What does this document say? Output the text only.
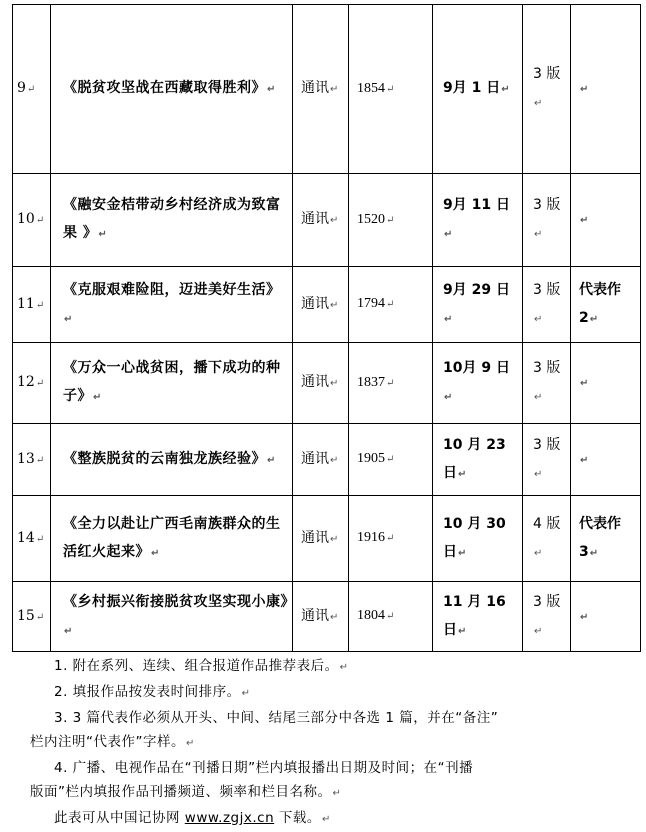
9↵	《脱贫攻坚战在西藏取得胜利》↵	通讯↵	1854↵	9月 1 日↵	3 版↵	↵
10↵	《融安金桔带动乡村经济成为致富果 》↵	通讯↵	1520↵	9月 11 日↵	3 版↵	↵
11↵	《克服艰难险阻，迈进美好生活》↵	通讯↵	1794↵	9月 29 日↵	3 版↵	代表作2↵
12↵	《万众一心战贫困，播下成功的种子》↵	通讯↵	1837↵	10月 9 日↵	3 版↵	↵
13↵	《整族脱贫的云南独龙族经验》↵	通讯↵	1905↵	10 月 23 日↵	3 版↵	↵
14↵	《全力以赴让广西毛南族群众的生活红火起来》↵	通讯↵	1916↵	10 月 30 日↵	4 版↵	代表作3↵
15↵	《乡村振兴衔接脱贫攻坚实现小康》↵	通讯↵	1804↵	11 月 16 日↵	3 版↵	↵

1. 附在系列、连续、组合报道作品推荐表后。↵

2. 填报作品按发表时间排序。↵

3. 3 篇代表作必须从开头、中间、结尾三部分中各选 1 篇，并在“备注”

栏内注明“代表作”字样。↵

4. 广播、电视作品在“刊播日期”栏内填报播出日期及时间；在“刊播

版面”栏内填报作品刊播频道、频率和栏目名称。↵

此表可从中国记协网 www.zgjx.cn 下载。↵
